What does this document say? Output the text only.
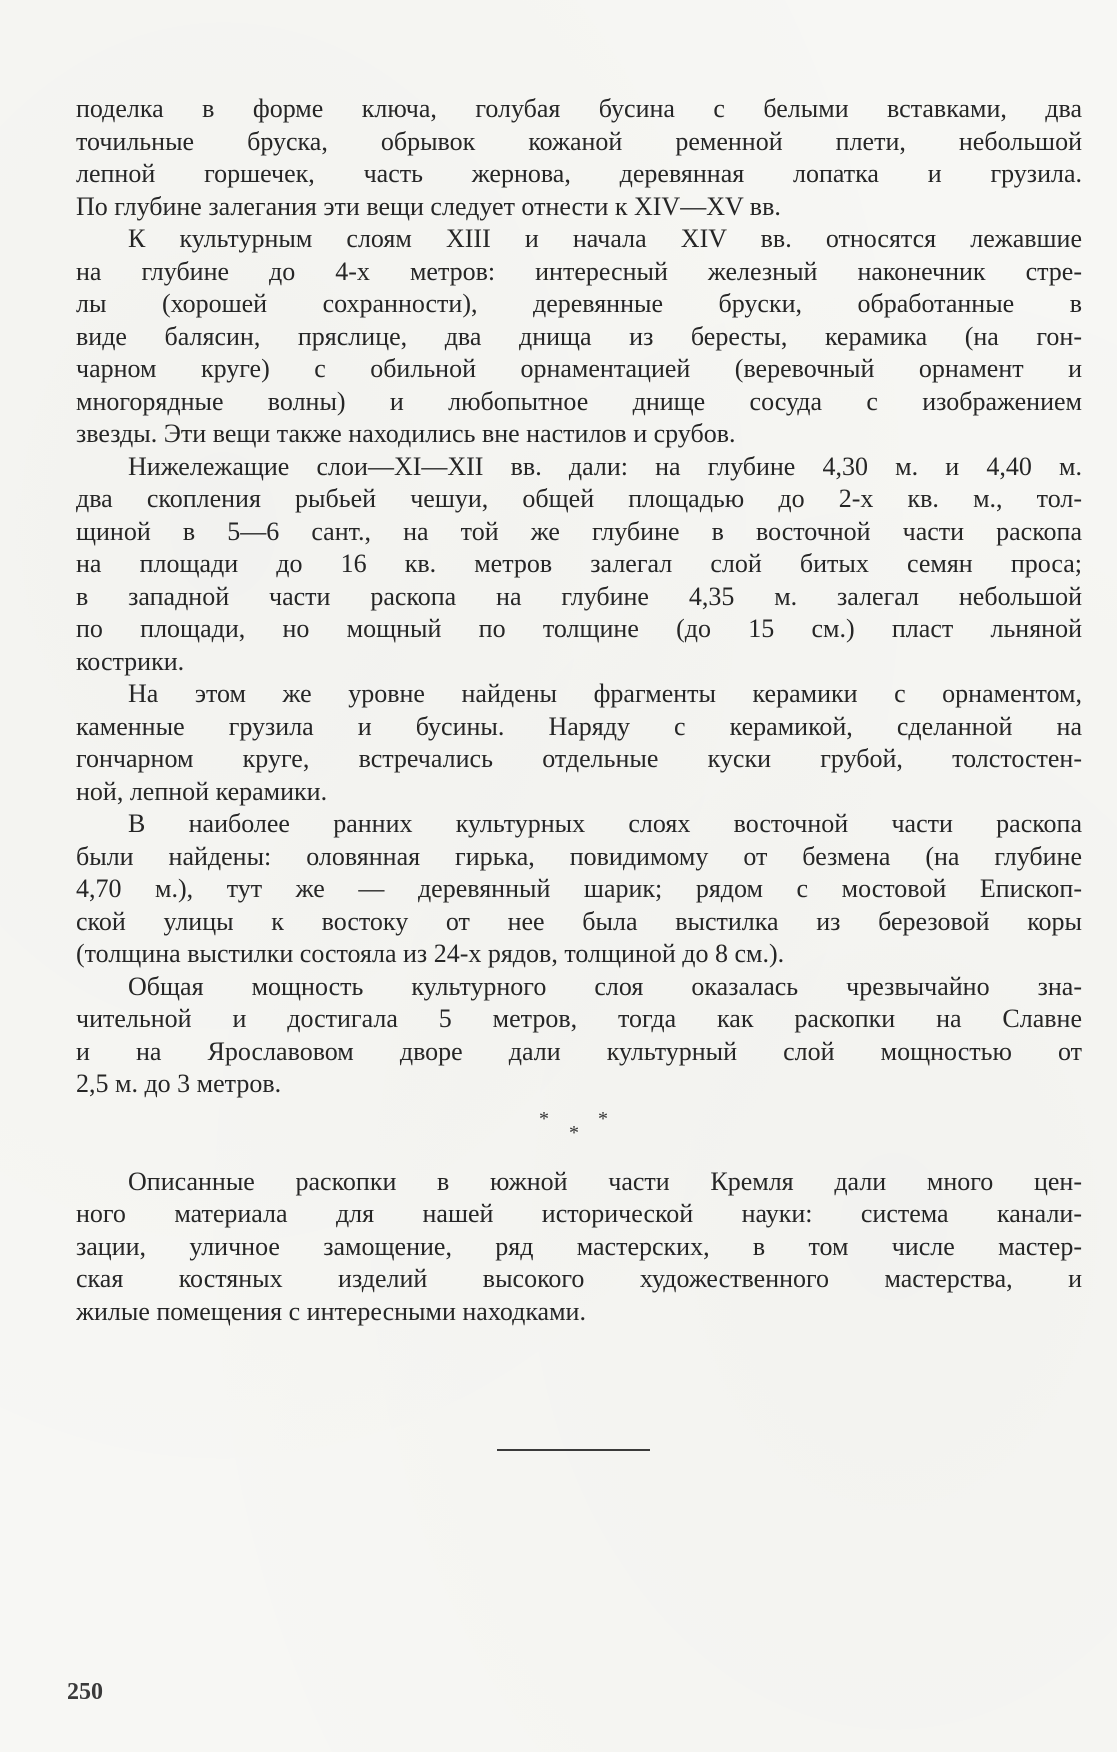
поделка в форме ключа, голубая бусина с белыми вставками, два
точильные бруска, обрывок кожаной ременной плети, небольшой
лепной горшечек, часть жернова, деревянная лопатка и грузила.
По глубине залегания эти вещи следует отнести к XIV—XV вв.
К культурным слоям XIII и начала XIV вв. относятся лежавшие
на глубине до 4-х метров: интересный железный наконечник стре-
лы (хорошей сохранности), деревянные бруски, обработанные в
виде балясин, пряслице, два днища из бересты, керамика (на гон-
чарном круге) с обильной орнаментацией (веревочный орнамент и
многорядные волны) и любопытное днище сосуда с изображением
звезды. Эти вещи также находились вне настилов и срубов.
Нижележащие слои—XI—XII вв. дали: на глубине 4,30 м. и 4,40 м.
два скопления рыбьей чешуи, общей площадью до 2-х кв. м., тол-
щиной в 5—6 сант., на той же глубине в восточной части раскопа
на площади до 16 кв. метров залегал слой битых семян проса;
в западной части раскопа на глубине 4,35 м. залегал небольшой
по площади, но мощный по толщине (до 15 см.) пласт льняной
кострики.
На этом же уровне найдены фрагменты керамики с орнаментом,
каменные грузила и бусины. Наряду с керамикой, сделанной на
гончарном круге, встречались отдельные куски грубой, толстостен-
ной, лепной керамики.
В наиболее ранних культурных слоях восточной части раскопа
были найдены: оловянная гирька, повидимому от безмена (на глубине
4,70 м.), тут же — деревянный шарик; рядом с мостовой Епископ-
ской улицы к востоку от нее была выстилка из березовой коры
(толщина выстилки состояла из 24-х рядов, толщиной до 8 см.).
Общая мощность культурного слоя оказалась чрезвычайно зна-
чительной и достигала 5 метров, тогда как раскопки на Славне
и на Ярославовом дворе дали культурный слой мощностью от
2,5 м. до 3 метров.
* *
*
Описанные раскопки в южной части Кремля дали много цен-
ного материала для нашей исторической науки: система канали-
зации, уличное замощение, ряд мастерских, в том числе мастер-
ская костяных изделий высокого художественного мастерства, и
жилые помещения с интересными находками.
250
